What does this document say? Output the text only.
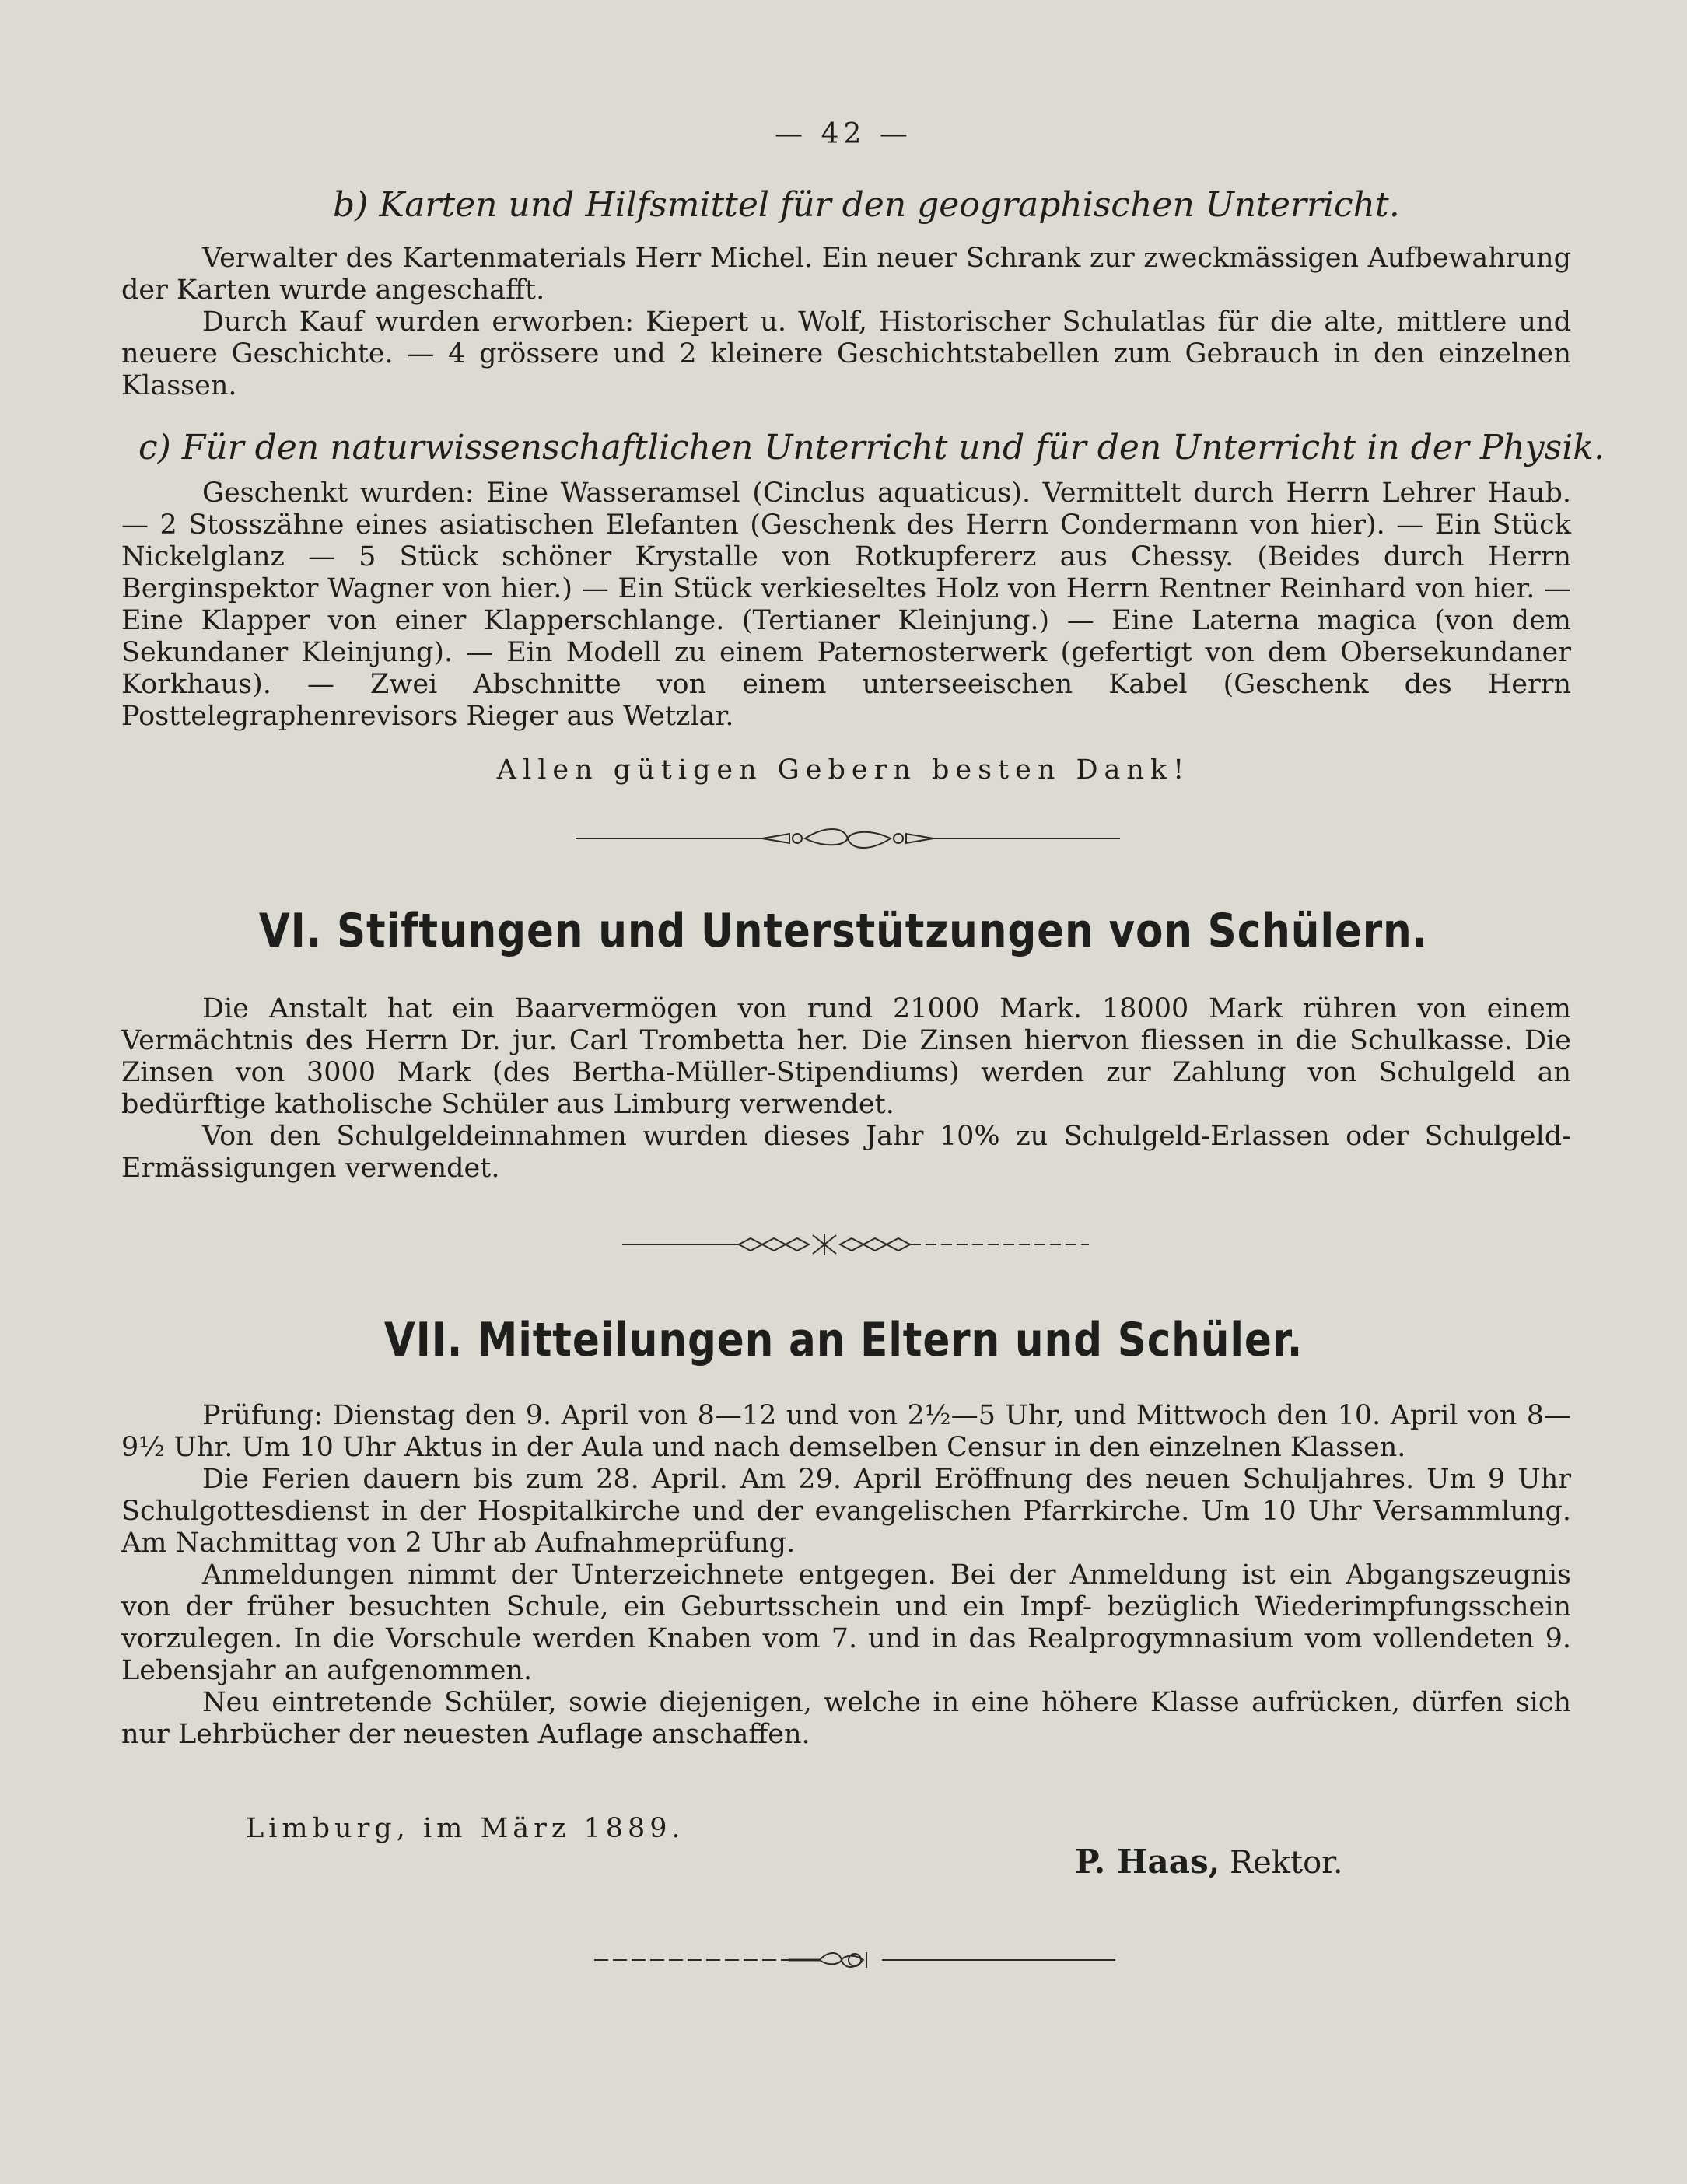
— 42 —
b) Karten und Hilfsmittel für den geographischen Unterricht.

Verwalter des Kartenmaterials Herr Michel. Ein neuer Schrank zur zweckmässigen Aufbewahrung der Karten wurde angeschafft.

Durch Kauf wurden erworben: Kiepert u. Wolf, Historischer Schulatlas für die alte, mittlere und neuere Geschichte. — 4 grössere und 2 kleinere Geschichtstabellen zum Gebrauch in den einzelnen Klassen.

c) Für den naturwissenschaftlichen Unterricht und für den Unterricht in der Physik.

Geschenkt wurden: Eine Wasseramsel (Cinclus aquaticus). Vermittelt durch Herrn Lehrer Haub. — 2 Stosszähne eines asiatischen Elefanten (Geschenk des Herrn Condermann von hier). — Ein Stück Nickelglanz — 5 Stück schöner Krystalle von Rotkupfererz aus Chessy. (Beides durch Herrn Berginspektor Wagner von hier.) — Ein Stück verkieseltes Holz von Herrn Rentner Reinhard von hier. — Eine Klapper von einer Klapperschlange. (Tertianer Kleinjung.) — Eine Laterna magica (von dem Sekundaner Kleinjung). — Ein Modell zu einem Paternosterwerk (gefertigt von dem Obersekundaner Korkhaus). — Zwei Abschnitte von einem unterseeischen Kabel (Geschenk des Herrn Posttelegraphenrevisors Rieger aus Wetzlar.

Allen gütigen Gebern besten Dank!
VI. Stiftungen und Unterstützungen von Schülern.

Die Anstalt hat ein Baarvermögen von rund 21000 Mark. 18000 Mark rühren von einem Vermächtnis des Herrn Dr. jur. Carl Trombetta her. Die Zinsen hiervon fliessen in die Schulkasse. Die Zinsen von 3000 Mark (des Bertha-Müller-Stipendiums) werden zur Zahlung von Schulgeld an bedürftige katholische Schüler aus Limburg verwendet.

Von den Schulgeldeinnahmen wurden dieses Jahr 10% zu Schulgeld-Erlassen oder Schulgeld-Ermässigungen verwendet.

VII. Mitteilungen an Eltern und Schüler.

Prüfung: Dienstag den 9. April von 8—12 und von 2½—5 Uhr, und Mittwoch den 10. April von 8—9½ Uhr. Um 10 Uhr Aktus in der Aula und nach demselben Censur in den einzelnen Klassen.

Die Ferien dauern bis zum 28. April. Am 29. April Eröffnung des neuen Schuljahres. Um 9 Uhr Schulgottesdienst in der Hospitalkirche und der evangelischen Pfarrkirche. Um 10 Uhr Versammlung. Am Nachmittag von 2 Uhr ab Aufnahmeprüfung.

Anmeldungen nimmt der Unterzeichnete entgegen. Bei der Anmeldung ist ein Abgangszeugnis von der früher besuchten Schule, ein Geburtsschein und ein Impf- bezüglich Wiederimpfungsschein vorzulegen. In die Vorschule werden Knaben vom 7. und in das Realprogymnasium vom vollendeten 9. Lebensjahr an aufgenommen.

Neu eintretende Schüler, sowie diejenigen, welche in eine höhere Klasse aufrücken, dürfen sich nur Lehrbücher der neuesten Auflage anschaffen.

Limburg, im März 1889.
P. Haas, Rektor.
